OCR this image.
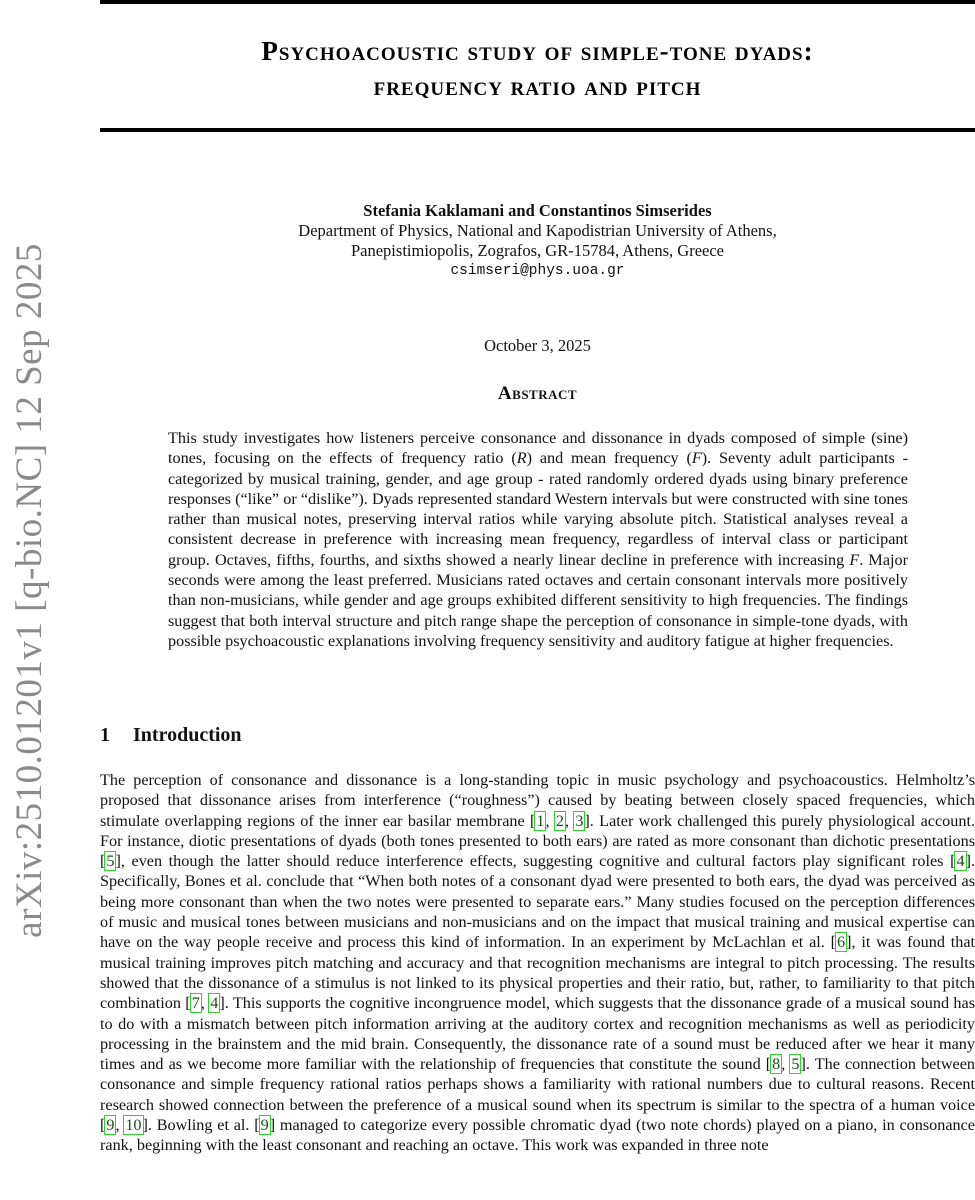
arXiv:2510.01201v1 [q-bio.NC] 12 Sep 2025
Psychoacoustic study of simple-tone dyads:
frequency ratio and pitch
Stefania Kaklamani and Constantinos Simserides
Department of Physics, National and Kapodistrian University of Athens,
Panepistimiopolis, Zografos, GR-15784, Athens, Greece
csimseri@phys.uoa.gr
October 3, 2025
Abstract

This study investigates how listeners perceive consonance and dissonance in dyads composed of simple (sine) tones, focusing on the effects of frequency ratio (R) and mean frequency (F). Seventy adult participants - categorized by musical training, gender, and age group - rated randomly ordered dyads using binary preference responses (“like” or “dislike”). Dyads represented standard Western intervals but were constructed with sine tones rather than musical notes, preserving interval ratios while varying absolute pitch. Statistical analyses reveal a consistent decrease in preference with increasing mean frequency, regardless of interval class or participant group. Octaves, fifths, fourths, and sixths showed a nearly linear decline in preference with increasing F. Major seconds were among the least preferred. Musicians rated octaves and certain consonant intervals more positively than non-musicians, while gender and age groups exhibited different sensitivity to high frequencies. The findings suggest that both interval structure and pitch range shape the perception of consonance in simple-tone dyads, with possible psychoacoustic explanations involving frequency sensitivity and auditory fatigue at higher frequencies.

1 Introduction

The perception of consonance and dissonance is a long-standing topic in music psychology and psychoacoustics. Helmholtz’s proposed that dissonance arises from interference (“roughness”) caused by beating between closely spaced frequencies, which stimulate overlapping regions of the inner ear basilar membrane [1, 2, 3]. Later work challenged this purely physiological account. For instance, diotic presentations of dyads (both tones presented to both ears) are rated as more consonant than dichotic presentations [5], even though the latter should reduce interference effects, suggesting cognitive and cultural factors play significant roles [4]. Specifically, Bones et al. conclude that “When both notes of a consonant dyad were presented to both ears, the dyad was perceived as being more consonant than when the two notes were presented to separate ears.” Many studies focused on the perception differences of music and musical tones between musicians and non-musicians and on the impact that musical training and musical expertise can have on the way people receive and process this kind of information. In an experiment by McLachlan et al. [6], it was found that musical training improves pitch matching and accuracy and that recognition mechanisms are integral to pitch processing. The results showed that the dissonance of a stimulus is not linked to its physical properties and their ratio, but, rather, to familiarity to that pitch combination [7, 4]. This supports the cognitive incongruence model, which suggests that the dissonance grade of a musical sound has to do with a mismatch between pitch information arriving at the auditory cortex and recognition mechanisms as well as periodicity processing in the brainstem and the mid brain. Consequently, the dissonance rate of a sound must be reduced after we hear it many times and as we become more familiar with the relationship of frequencies that constitute the sound [8, 5]. The connection between consonance and simple frequency rational ratios perhaps shows a familiarity with rational numbers due to cultural reasons. Recent research showed connection between the preference of a musical sound when its spectrum is similar to the spectra of a human voice [9, 10]. Bowling et al. [9] managed to categorize every possible chromatic dyad (two note chords) played on a piano, in consonance rank, beginning with the least consonant and reaching an octave. This work was expanded in three note
